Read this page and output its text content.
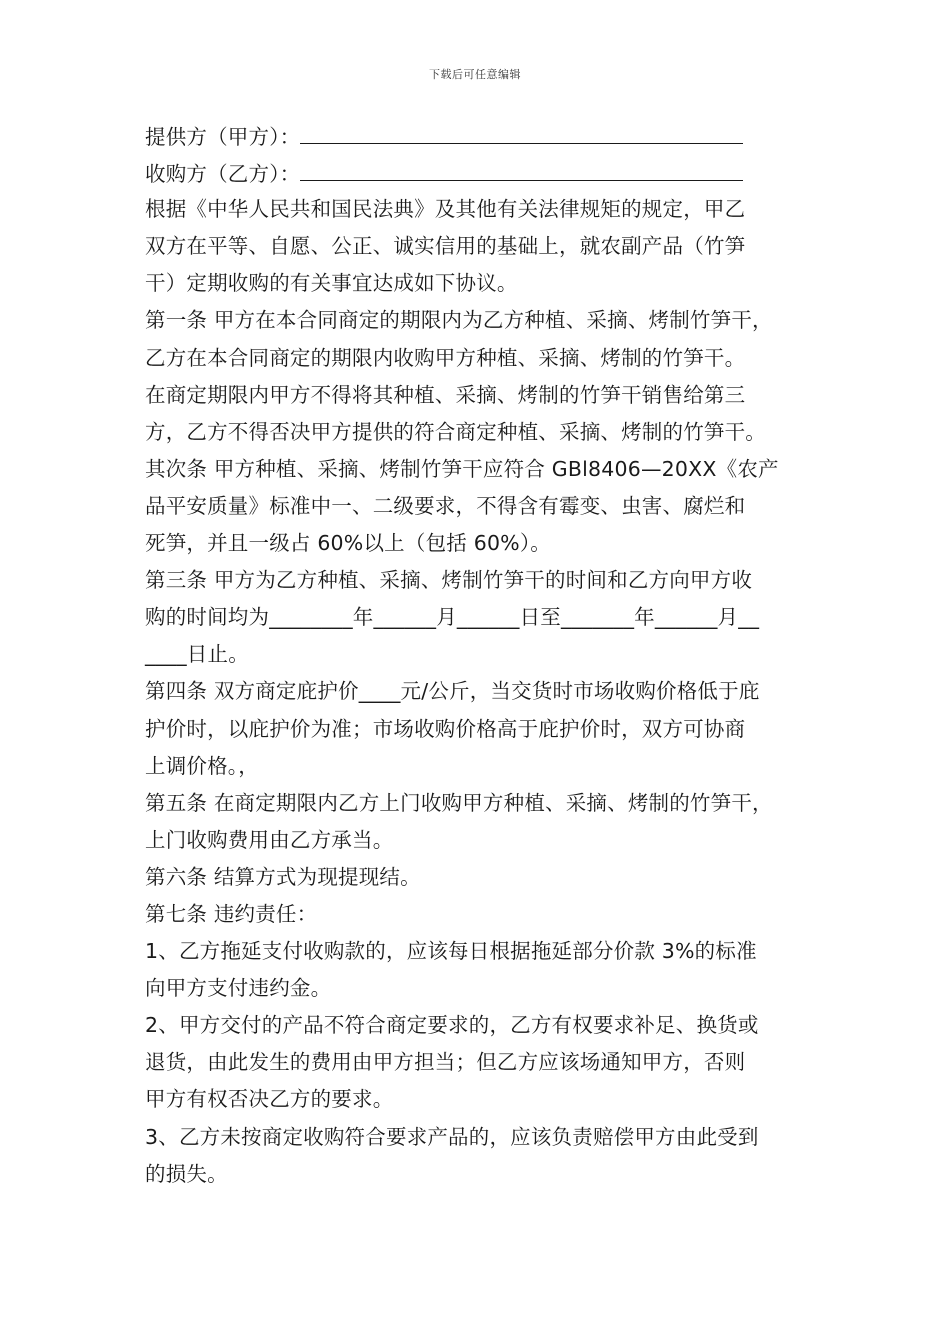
下载后可任意编辑
提供方（甲方）：
收购方（乙方）：
根据《中华人民共和国民法典》及其他有关法律规矩的规定，甲乙
双方在平等、自愿、公正、诚实信用的基础上，就农副产品（竹笋
干）定期收购的有关事宜达成如下协议。
第一条 甲方在本合同商定的期限内为乙方种植、采摘、烤制竹笋干，
乙方在本合同商定的期限内收购甲方种植、采摘、烤制的竹笋干。
在商定期限内甲方不得将其种植、采摘、烤制的竹笋干销售给第三
方，乙方不得否决甲方提供的符合商定种植、采摘、烤制的竹笋干。
其次条 甲方种植、采摘、烤制竹笋干应符合 GBl8406—20XX《农产
品平安质量》标准中一、二级要求，不得含有霉变、虫害、腐烂和
死笋，并且一级占 60%以上（包括 60%）。
第三条 甲方为乙方种植、采摘、烤制竹笋干的时间和乙方向甲方收
购的时间均为________年______月______日至_______年______月__
____日止。
第四条 双方商定庇护价____元/公斤，当交货时市场收购价格低于庇
护价时，以庇护价为准；市场收购价格高于庇护价时，双方可协商
上调价格。，
第五条 在商定期限内乙方上门收购甲方种植、采摘、烤制的竹笋干，
上门收购费用由乙方承当。
第六条 结算方式为现提现结。
第七条 违约责任：
1、乙方拖延支付收购款的，应该每日根据拖延部分价款 3%的标准
向甲方支付违约金。
2、甲方交付的产品不符合商定要求的，乙方有权要求补足、换货或
退货，由此发生的费用由甲方担当；但乙方应该场通知甲方，否则
甲方有权否决乙方的要求。
3、乙方未按商定收购符合要求产品的，应该负责赔偿甲方由此受到
的损失。
